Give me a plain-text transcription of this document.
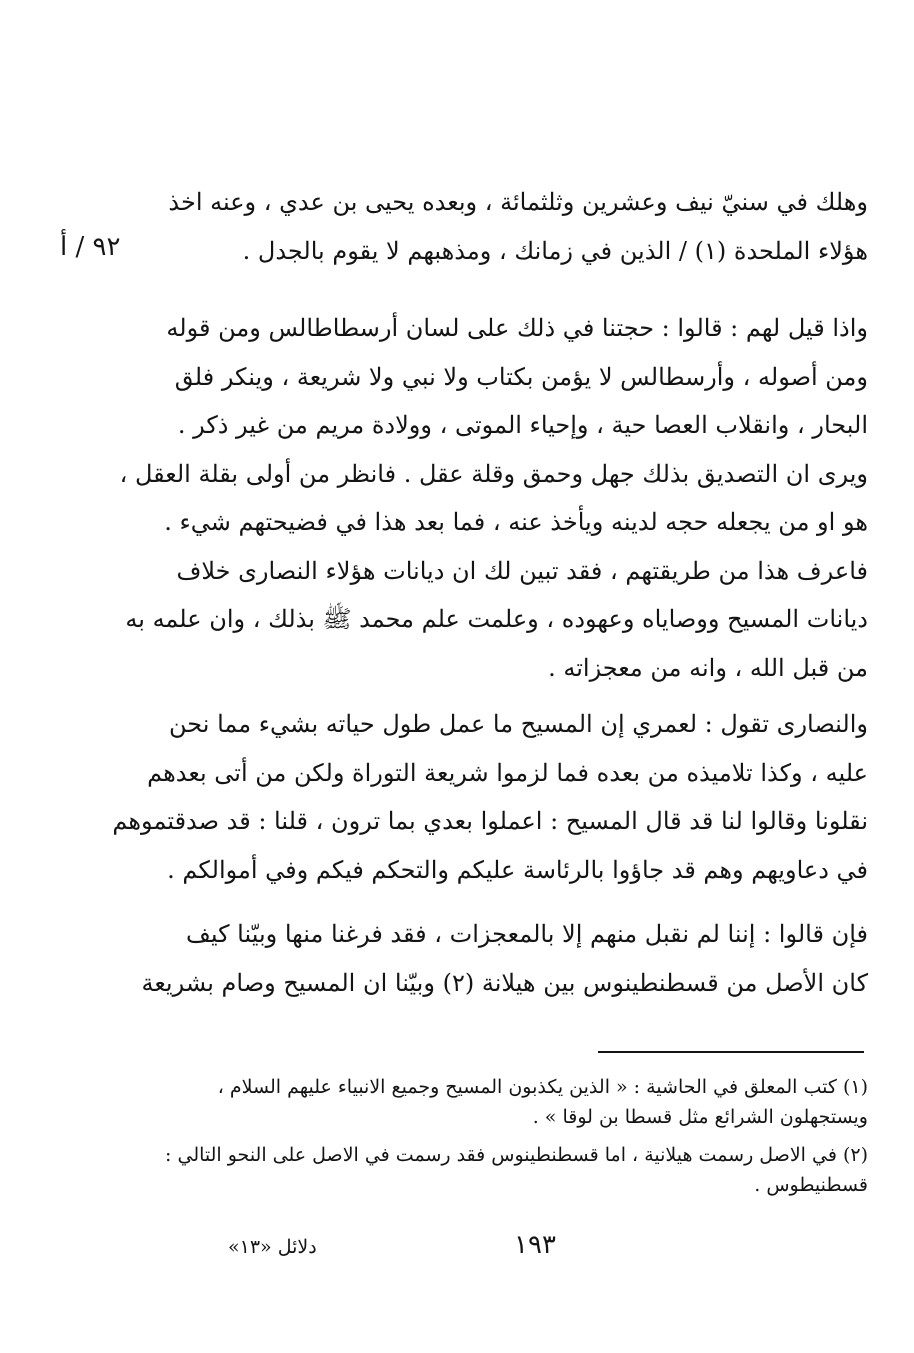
٩٢ / أ
وهلك في سنيّ نيف وعشرين وثلثمائة ، وبعده يحيى بن عدي ، وعنه اخذ
هؤلاء الملحدة (١) / الذين في زمانك ، ومذهبهم لا يقوم بالجدل .
واذا قيل لهم : قالوا : حجتنا في ذلك على لسان أرسطاطالس ومن قوله
ومن أصوله ، وأرسطالس لا يؤمن بكتاب ولا نبي ولا شريعة ، وينكر فلق
البحار ، وانقلاب العصا حية ، وإحياء الموتى ، وولادة مريم من غير ذكر .
ويرى ان التصديق بذلك جهل وحمق وقلة عقل . فانظر من أولى بقلة العقل ،
هو او من يجعله حجه لدينه ويأخذ عنه ، فما بعد هذا في فضيحتهم شيء .
فاعرف هذا من طريقتهم ، فقد تبين لك ان ديانات هؤلاء النصارى خلاف
ديانات المسيح ووصاياه وعهوده ، وعلمت علم محمد ﷺ بذلك ، وان علمه به
من قبل الله ، وانه من معجزاته .
والنصارى تقول : لعمري إن المسيح ما عمل طول حياته بشيء مما نحن
عليه ، وكذا تلاميذه من بعده فما لزموا شريعة التوراة ولكن من أتى بعدهم
نقلونا وقالوا لنا قد قال المسيح : اعملوا بعدي بما ترون ، قلنا : قد صدقتموهم
في دعاويهم وهم قد جاؤوا بالرئاسة عليكم والتحكم فيكم وفي أموالكم .
فإن قالوا : إننا لم نقبل منهم إلا بالمعجزات ، فقد فرغنا منها وبيّنا كيف
كان الأصل من قسطنطينوس بين هيلانة (٢) وبيّنا ان المسيح وصام بشريعة
(١) كتب المعلق في الحاشية : « الذين يكذبون المسيح وجميع الانبياء عليهم السلام ،
ويستجهلون الشرائع مثل قسطا بن لوقا » .
(٢) في الاصل رسمت هيلانية ، اما قسطنطينوس فقد رسمت في الاصل على النحو التالي :
قسطنيطوس .
١٩٣
دلائل «١٣»
